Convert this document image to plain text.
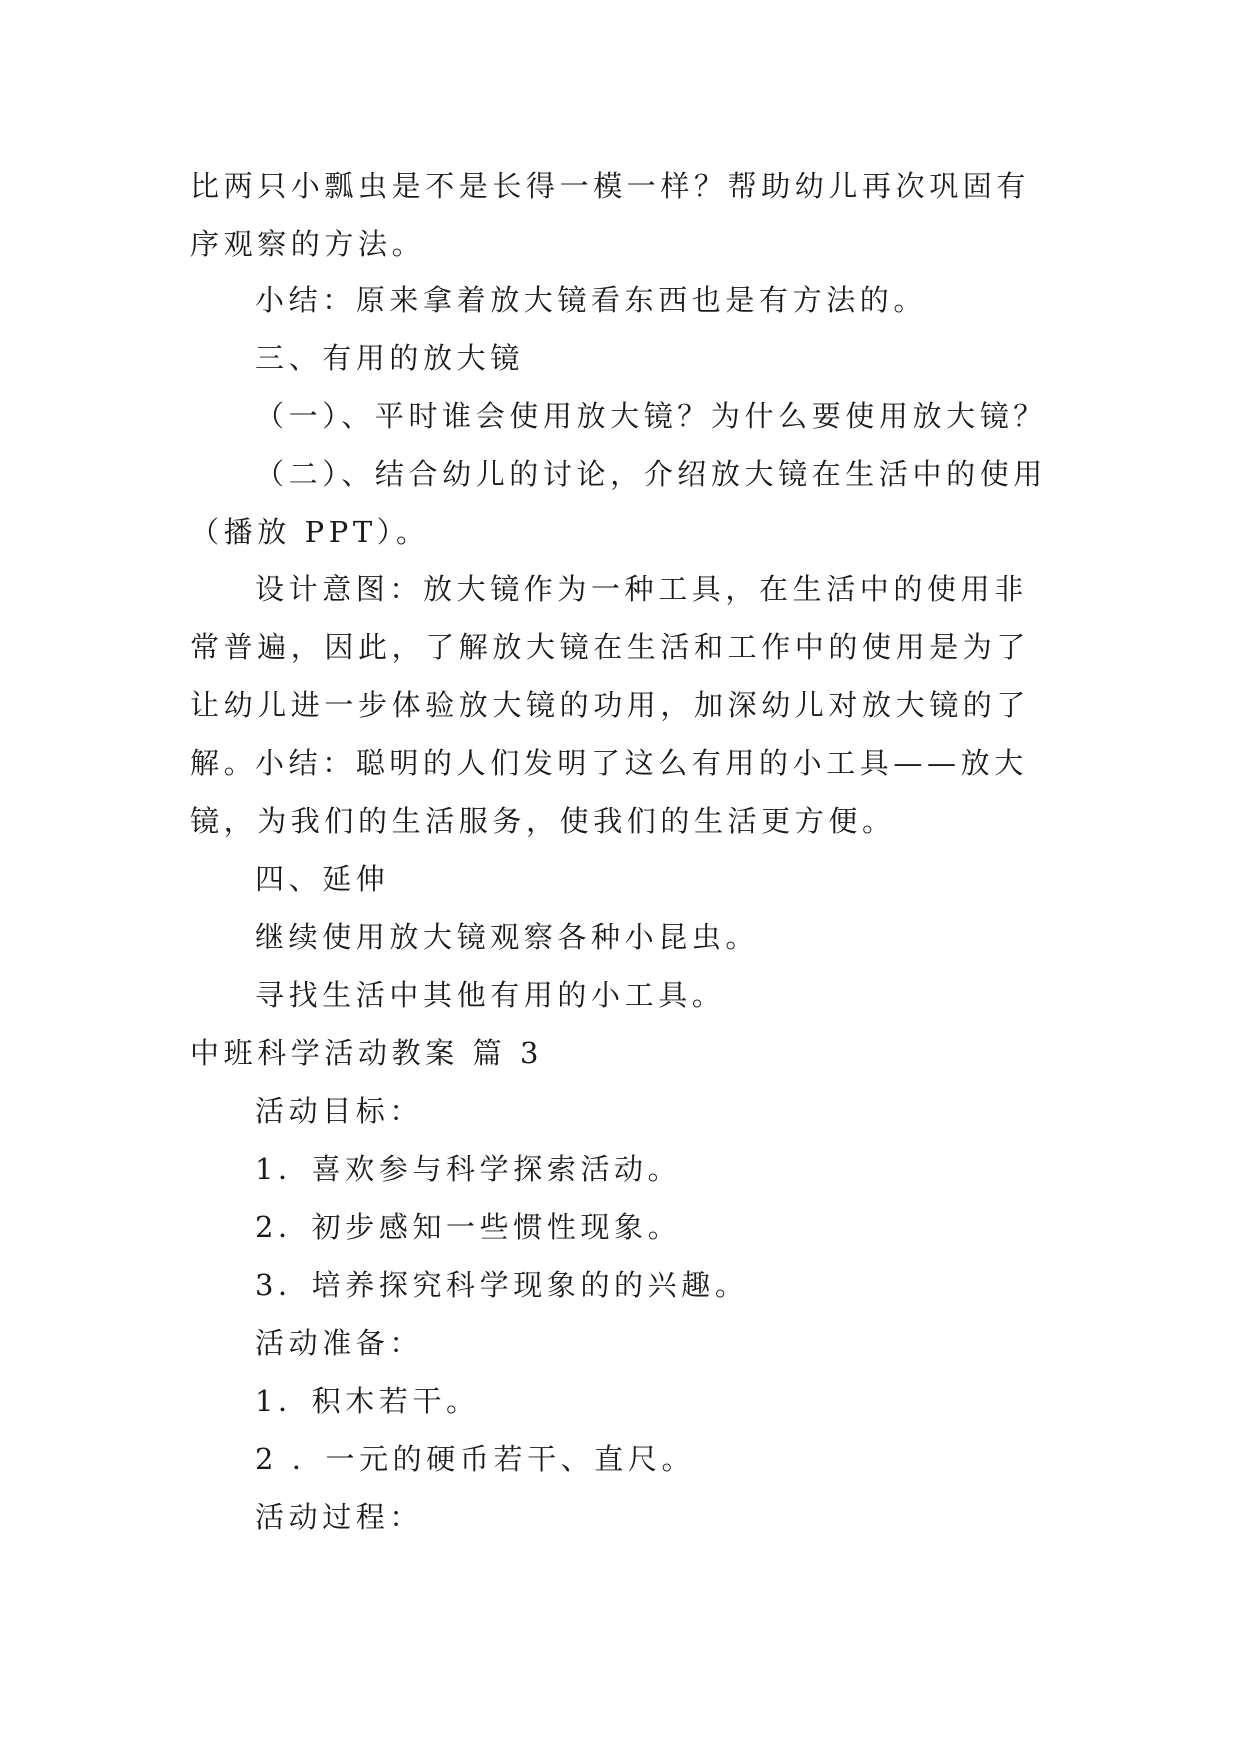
比两只小瓢虫是不是长得一模一样？帮助幼儿再次巩固有序观察的方法。
小结：原来拿着放大镜看东西也是有方法的。
三、有用的放大镜
（一）、平时谁会使用放大镜？为什么要使用放大镜？
（二）、结合幼儿的讨论，介绍放大镜在生活中的使用（播放 PPT）。
设计意图：放大镜作为一种工具，在生活中的使用非常普遍，因此，了解放大镜在生活和工作中的使用是为了让幼儿进一步体验放大镜的功用，加深幼儿对放大镜的了解。
小结：聪明的人们发明了这么有用的小工具——放大镜，为我们的生活服务，使我们的生活更方便。
四、延伸
继续使用放大镜观察各种小昆虫。
寻找生活中其他有用的小工具。
中班科学活动教案 篇 3
活动目标：
1．喜欢参与科学探索活动。
2．初步感知一些惯性现象。
3．培养探究科学现象的的兴趣。
活动准备：
1．积木若干。
2 ．一元的硬币若干、直尺。
活动过程：
